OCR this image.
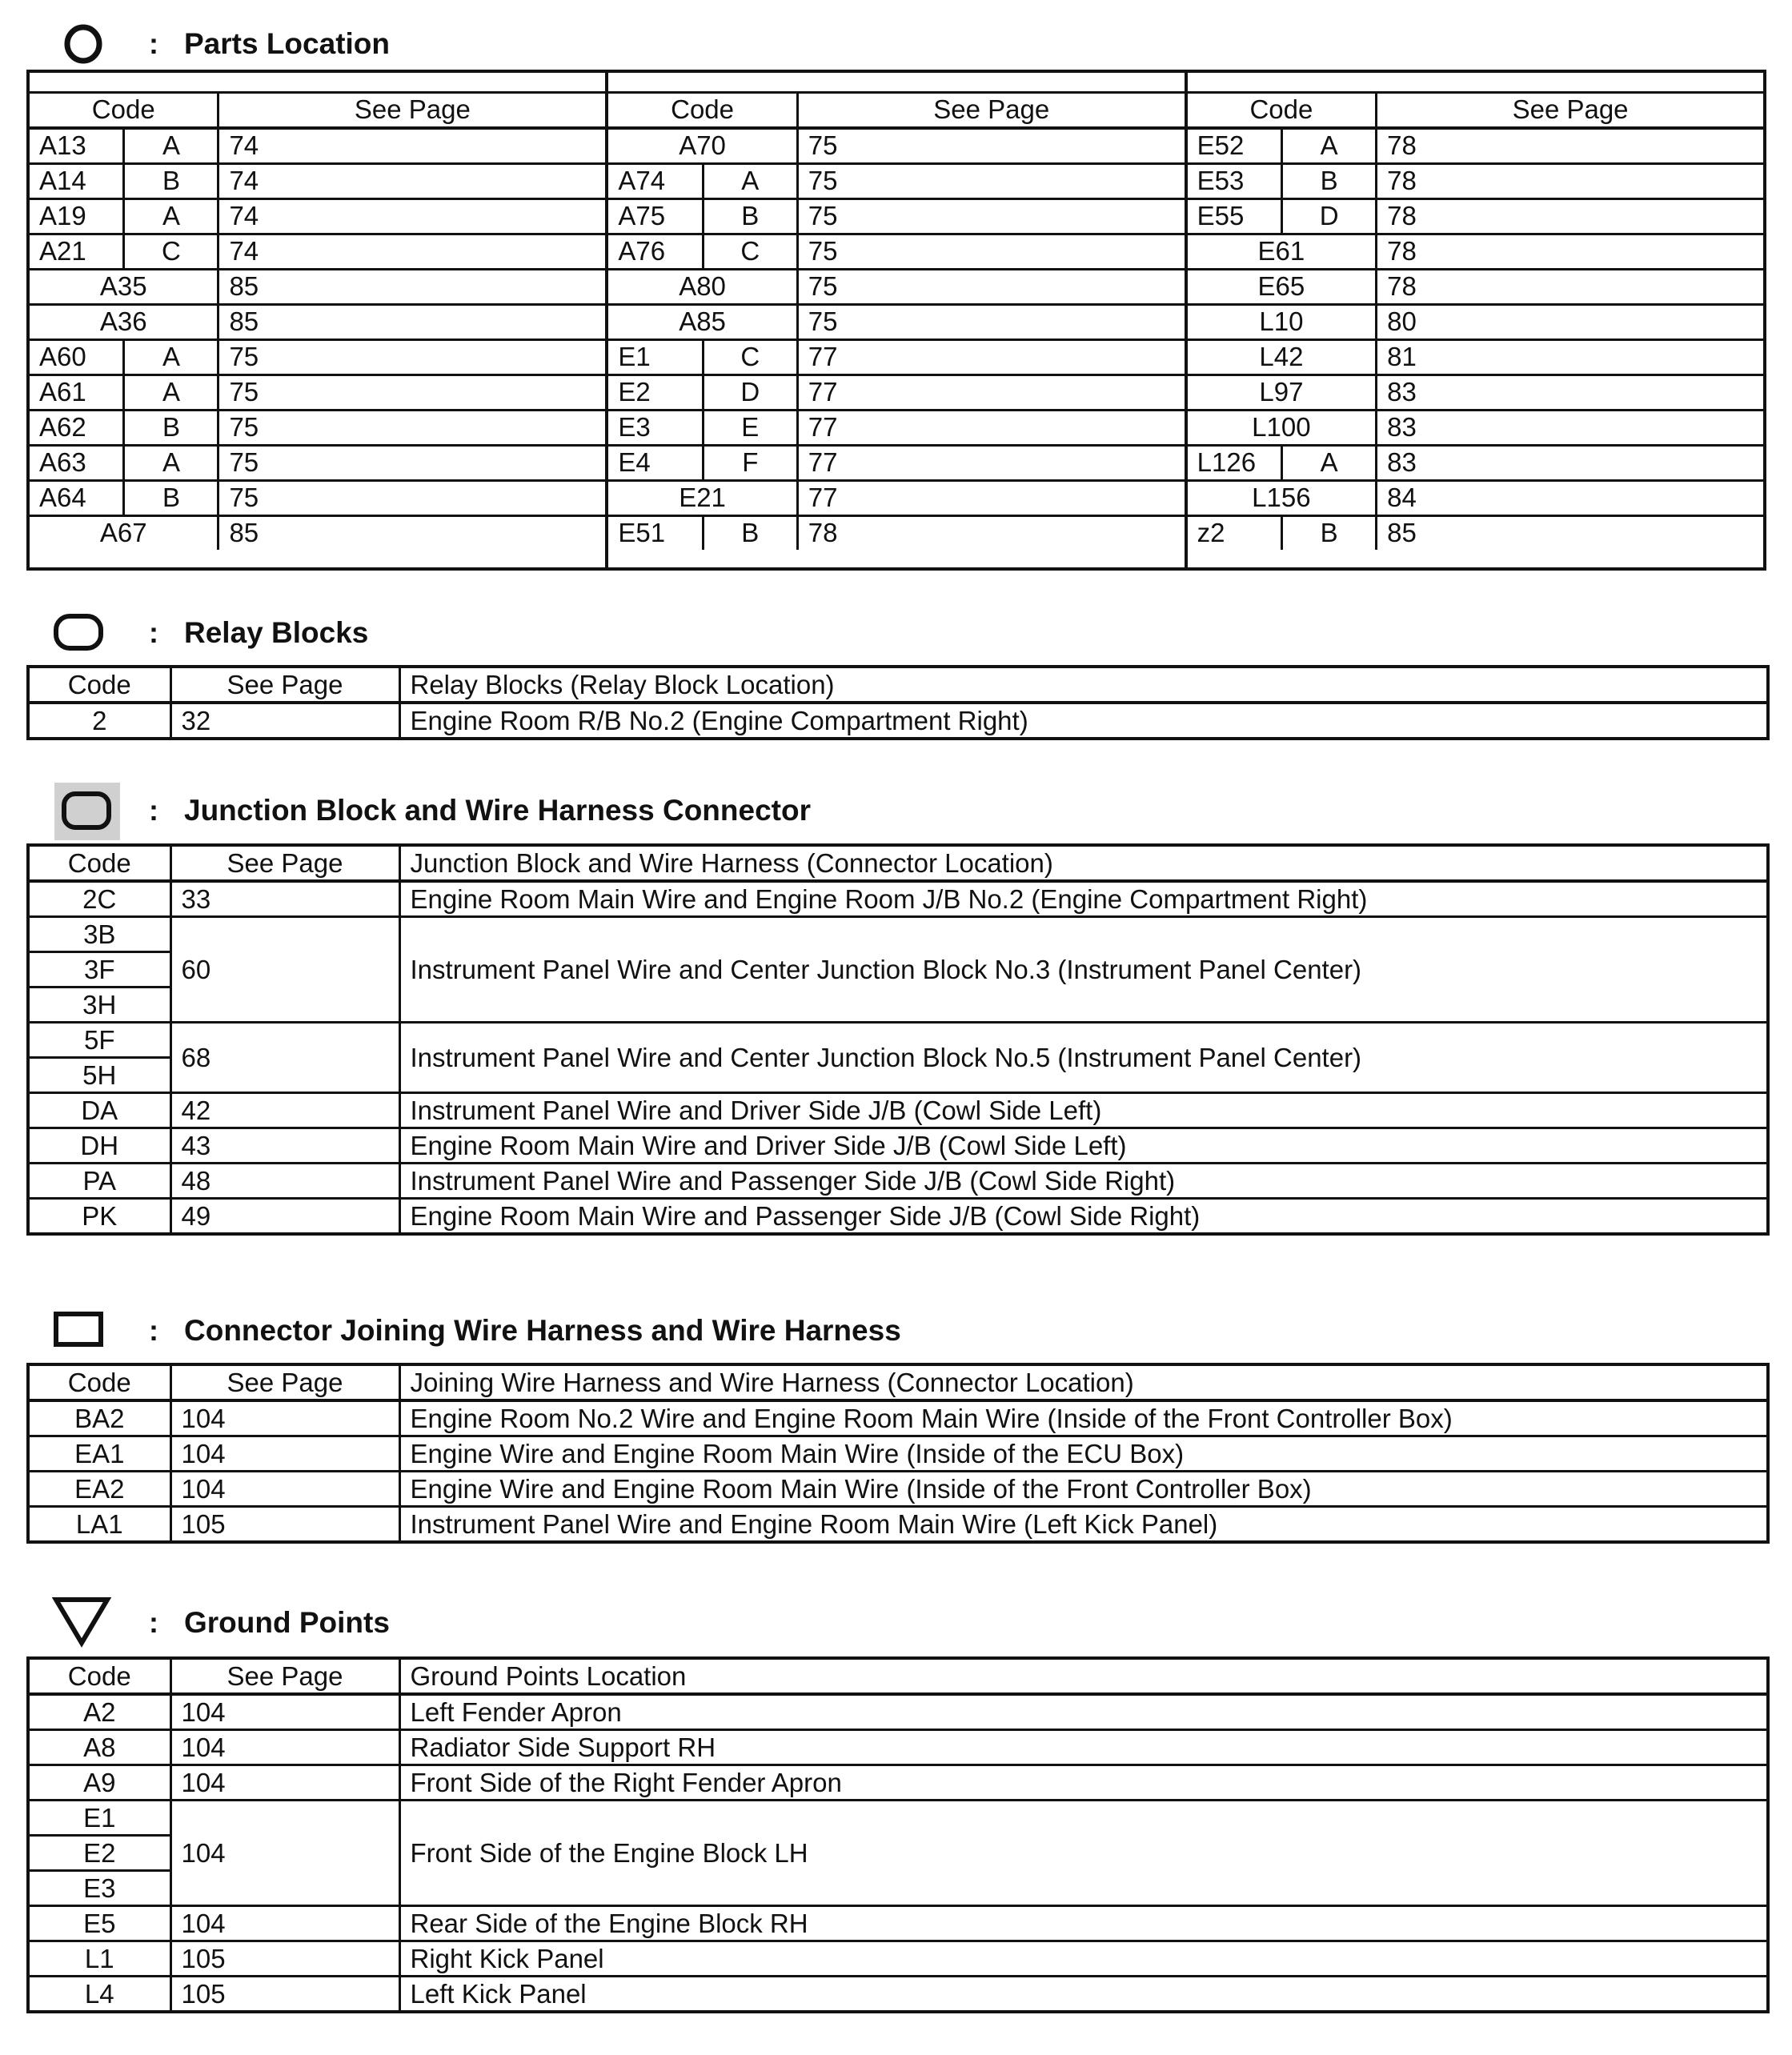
: Parts Location
Code	See Page
A13	A	74
A14	B	74
A19	A	74
A21	C	74
A35	85
A36	85
A60	A	75
A61	A	75
A62	B	75
A63	A	75
A64	B	75
A67	85

Code	See Page
A70	75
A74	A	75
A75	B	75
A76	C	75
A80	75
A85	75
E1	C	77
E2	D	77
E3	E	77
E4	F	77
E21	77
E51	B	78

Code	See Page
E52	A	78
E53	B	78
E55	D	78
E61	78
E65	78
L10	80
L42	81
L97	83
L100	83
L126	A	83
L156	84
z2	B	85
: Relay Blocks
Code	See Page	Relay Blocks (Relay Block Location)
2	32	Engine Room R/B No.2 (Engine Compartment Right)
: Junction Block and Wire Harness Connector
Code	See Page	Junction Block and Wire Harness (Connector Location)
2C	33	Engine Room Main Wire and Engine Room J/B No.2 (Engine Compartment Right)
3B	60	Instrument Panel Wire and Center Junction Block No.3 (Instrument Panel Center)
3F		
3H		
5F	68	Instrument Panel Wire and Center Junction Block No.5 (Instrument Panel Center)
5H		
DA	42	Instrument Panel Wire and Driver Side J/B (Cowl Side Left)
DH	43	Engine Room Main Wire and Driver Side J/B (Cowl Side Left)
PA	48	Instrument Panel Wire and Passenger Side J/B (Cowl Side Right)
PK	49	Engine Room Main Wire and Passenger Side J/B (Cowl Side Right)
: Connector Joining Wire Harness and Wire Harness
Code	See Page	Joining Wire Harness and Wire Harness (Connector Location)
BA2	104	Engine Room No.2 Wire and Engine Room Main Wire (Inside of the Front Controller Box)
EA1	104	Engine Wire and Engine Room Main Wire (Inside of the ECU Box)
EA2	104	Engine Wire and Engine Room Main Wire (Inside of the Front Controller Box)
LA1	105	Instrument Panel Wire and Engine Room Main Wire (Left Kick Panel)
: Ground Points
Code	See Page	Ground Points Location
A2	104	Left Fender Apron
A8	104	Radiator Side Support RH
A9	104	Front Side of the Right Fender Apron
E1	104	Front Side of the Engine Block LH
E2		
E3		
E5	104	Rear Side of the Engine Block RH
L1	105	Right Kick Panel
L4	105	Left Kick Panel
